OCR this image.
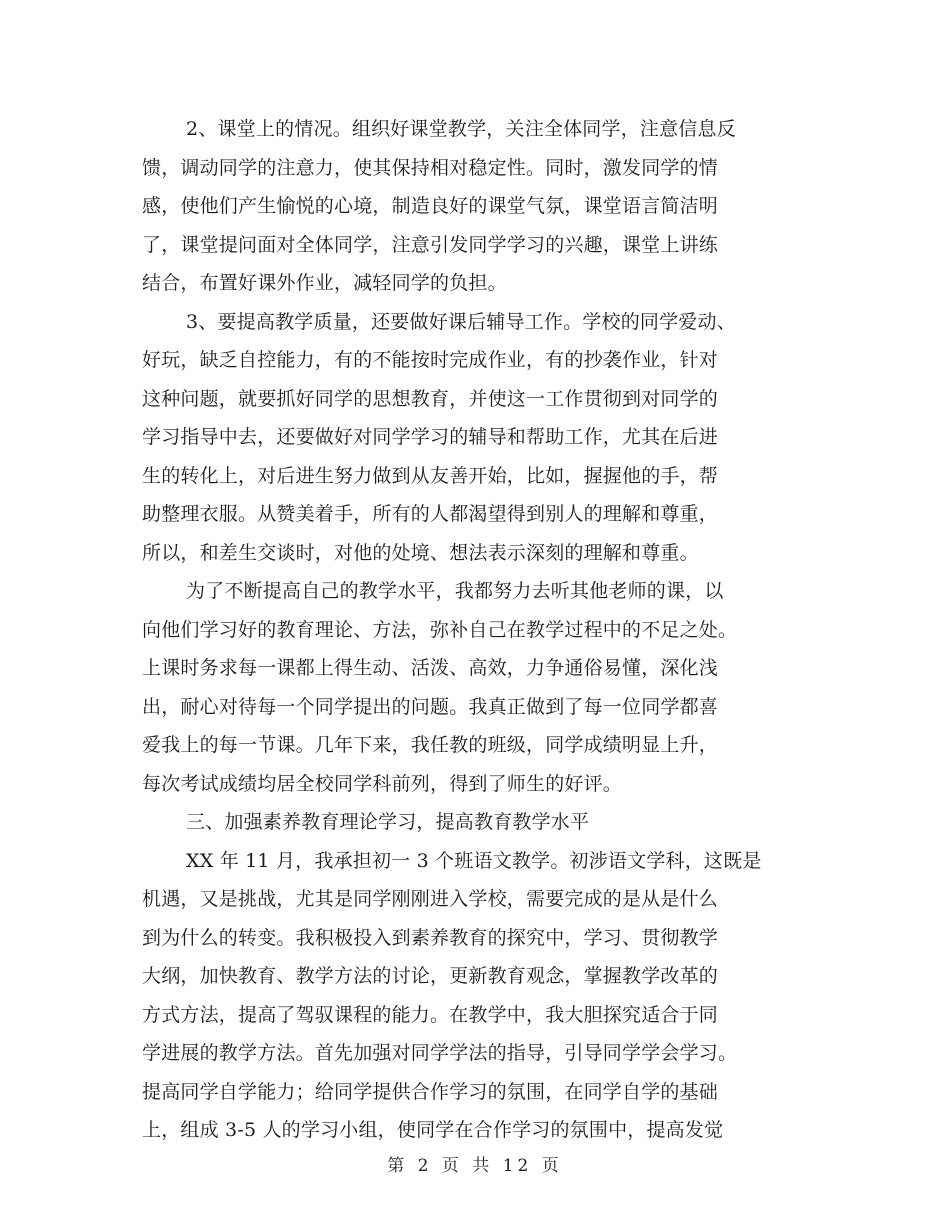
2、课堂上的情况。组织好课堂教学，关注全体同学，注意信息反
馈，调动同学的注意力，使其保持相对稳定性。同时，激发同学的情
感，使他们产生愉悦的心境，制造良好的课堂气氛，课堂语言简洁明
了，课堂提问面对全体同学，注意引发同学学习的兴趣，课堂上讲练
结合，布置好课外作业，减轻同学的负担。
3、要提高教学质量，还要做好课后辅导工作。学校的同学爱动、
好玩，缺乏自控能力，有的不能按时完成作业，有的抄袭作业，针对
这种问题，就要抓好同学的思想教育，并使这一工作贯彻到对同学的
学习指导中去，还要做好对同学学习的辅导和帮助工作，尤其在后进
生的转化上，对后进生努力做到从友善开始，比如，握握他的手，帮
助整理衣服。从赞美着手，所有的人都渴望得到别人的理解和尊重，
所以，和差生交谈时，对他的处境、想法表示深刻的理解和尊重。
为了不断提高自己的教学水平，我都努力去听其他老师的课，以
向他们学习好的教育理论、方法，弥补自己在教学过程中的不足之处。
上课时务求每一课都上得生动、活泼、高效，力争通俗易懂，深化浅
出，耐心对待每一个同学提出的问题。我真正做到了每一位同学都喜
爱我上的每一节课。几年下来，我任教的班级，同学成绩明显上升，
每次考试成绩均居全校同学科前列，得到了师生的好评。
三、加强素养教育理论学习，提高教育教学水平
XX 年 11 月，我承担初一 3 个班语文教学。初涉语文学科，这既是
机遇，又是挑战，尤其是同学刚刚进入学校，需要完成的是从是什么
到为什么的转变。我积极投入到素养教育的探究中，学习、贯彻教学
大纲，加快教育、教学方法的讨论，更新教育观念，掌握教学改革的
方式方法，提高了驾驭课程的能力。在教学中，我大胆探究适合于同
学进展的教学方法。首先加强对同学学法的指导，引导同学学会学习。
提高同学自学能力；给同学提供合作学习的氛围，在同学自学的基础
上，组成 3-5 人的学习小组，使同学在合作学习的氛围中，提高发觉
第 2 页 共 12 页
